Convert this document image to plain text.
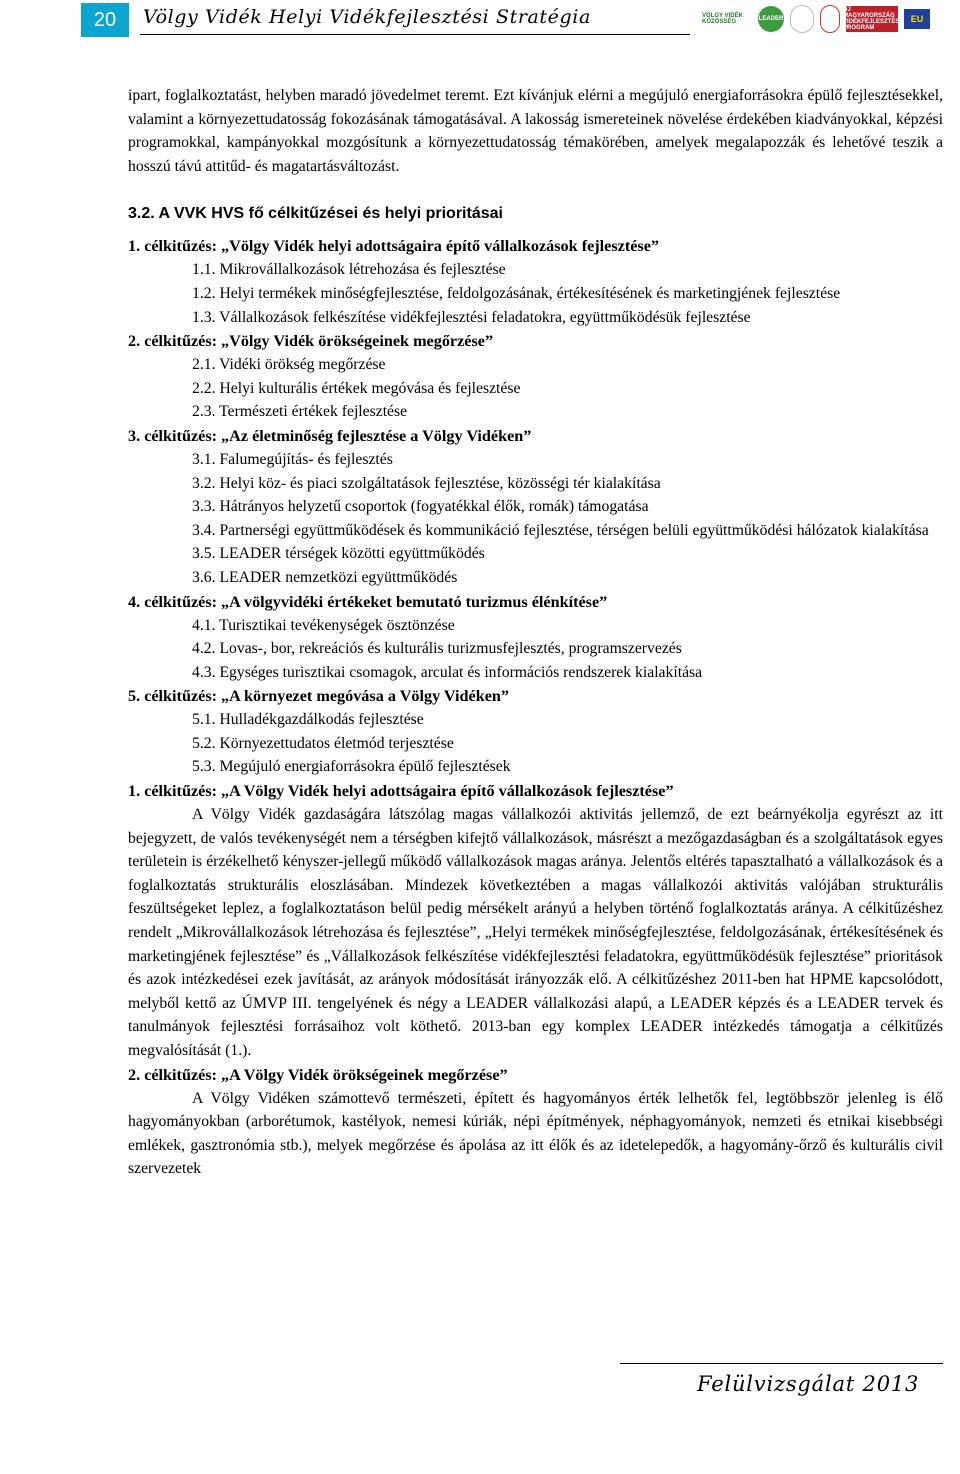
20	Völgy Vidék Helyi Vidékfejlesztési Stratégia	VÖLGY VIDÉK KÖZÖSSÉG	LEADER
ÚJ MAGYARORSZÁG VIDÉKFEJLESZTÉSI PROGRAM
EU

ipart, foglalkoztatást, helyben maradó jövedelmet teremt. Ezt kívánjuk elérni a megújuló energiaforrásokra épülő fejlesztésekkel, valamint a környezettudatosság fokozásának támogatásával. A lakosság ismereteinek növelése érdekében kiadványokkal, képzési programokkal, kampányokkal mozgósítunk a környezettudatosság témakörében, amelyek megalapozzák és lehetővé teszik a hosszú távú attitűd- és magatartásváltozást.

3.2. A VVK HVS fő célkitűzései és helyi prioritásai

1. célkitűzés: „Völgy Vidék helyi adottságaira építő vállalkozások fejlesztése”

1.1. Mikrovállalkozások létrehozása és fejlesztése

1.2. Helyi termékek minőségfejlesztése, feldolgozásának, értékesítésének és marketingjének fejlesztése

1.3. Vállalkozások felkészítése vidékfejlesztési feladatokra, együttműködésük fejlesztése

2. célkitűzés: „Völgy Vidék örökségeinek megőrzése”

2.1. Vidéki örökség megőrzése

2.2. Helyi kulturális értékek megóvása és fejlesztése

2.3. Természeti értékek fejlesztése

3. célkitűzés: „Az életminőség fejlesztése a Völgy Vidéken”

3.1. Falumegújítás- és fejlesztés

3.2. Helyi köz- és piaci szolgáltatások fejlesztése, közösségi tér kialakítása

3.3. Hátrányos helyzetű csoportok (fogyatékkal élők, romák) támogatása

3.4. Partnerségi együttműködések és kommunikáció fejlesztése, térségen belüli együttműködési hálózatok kialakítása

3.5. LEADER térségek közötti együttműködés

3.6. LEADER nemzetközi együttműködés

4. célkitűzés: „A völgyvidéki értékeket bemutató turizmus élénkítése”

4.1. Turisztikai tevékenységek ösztönzése

4.2. Lovas-, bor, rekreációs és kulturális turizmusfejlesztés, programszervezés

4.3. Egységes turisztikai csomagok, arculat és információs rendszerek kialakítása

5. célkitűzés: „A környezet megóvása a Völgy Vidéken”

5.1. Hulladékgazdálkodás fejlesztése

5.2. Környezettudatos életmód terjesztése

5.3. Megújuló energiaforrásokra épülő fejlesztések

1. célkitűzés: „A Völgy Vidék helyi adottságaira építő vállalkozások fejlesztése”

A Völgy Vidék gazdaságára látszólag magas vállalkozói aktivitás jellemző, de ezt beárnyékolja egyrészt az itt bejegyzett, de valós tevékenységét nem a térségben kifejtő vállalkozások, másrészt a mezőgazdaságban és a szolgáltatások egyes területein is érzékelhető kényszer-jellegű működő vállalkozások magas aránya. Jelentős eltérés tapasztalható a vállalkozások és a foglalkoztatás strukturális eloszlásában. Mindezek következtében a magas vállalkozói aktivitás valójában strukturális feszültségeket leplez, a foglalkoztatáson belül pedig mérsékelt arányú a helyben történő foglalkoztatás aránya. A célkitűzéshez rendelt „Mikrovállalkozások létrehozása és fejlesztése”, „Helyi termékek minőségfejlesztése, feldolgozásának, értékesítésének és marketingjének fejlesztése” és „Vállalkozások felkészítése vidékfejlesztési feladatokra, együttműködésük fejlesztése” prioritások és azok intézkedései ezek javítását, az arányok módosítását irányozzák elő. A célkitűzéshez 2011-ben hat HPME kapcsolódott, melyből kettő az ÚMVP III. tengelyének és négy a LEADER vállalkozási alapú, a LEADER képzés és a LEADER tervek és tanulmányok fejlesztési forrásaihoz volt köthető. 2013-ban egy komplex LEADER intézkedés támogatja a célkitűzés megvalósítását (1.).

2. célkitűzés: „A Völgy Vidék örökségeinek megőrzése”

A Völgy Vidéken számottevő természeti, épített és hagyományos érték lelhetők fel, legtöbbször jelenleg is élő hagyományokban (arborétumok, kastélyok, nemesi kúriák, népi építmények, néphagyományok, nemzeti és etnikai kisebbségi emlékek, gasztronómia stb.), melyek megőrzése és ápolása az itt élők és az idetelepedők, a hagyomány-őrző és kulturális civil szervezetek

Felülvizsgálat 2013
